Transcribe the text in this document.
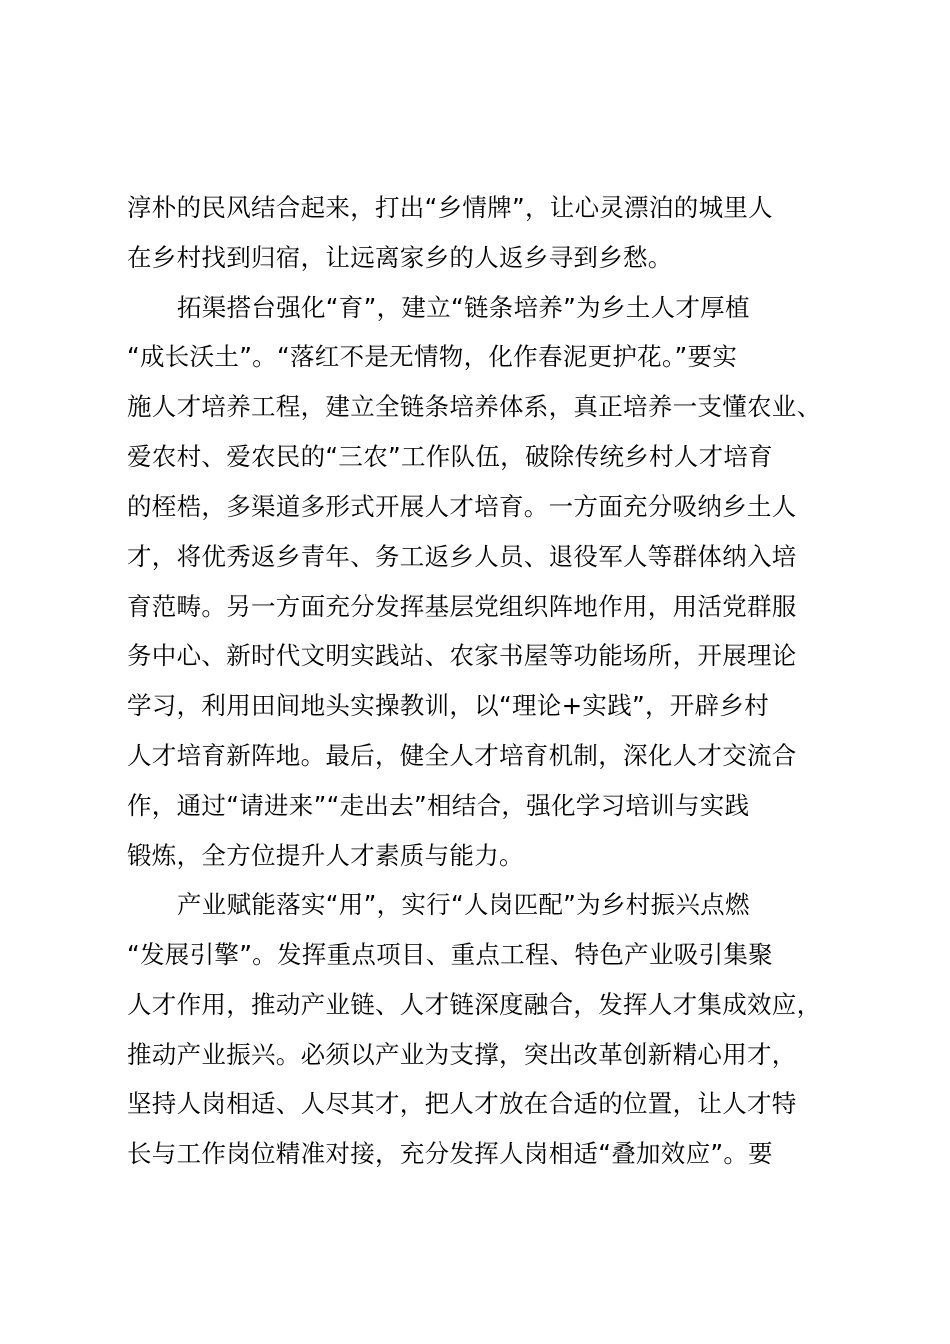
淳朴的民风结合起来，打出“乡情牌”，让心灵漂泊的城里人
在乡村找到归宿，让远离家乡的人返乡寻到乡愁。
拓渠搭台强化“育”，建立“链条培养”为乡土人才厚植
“成长沃土”。“落红不是无情物，化作春泥更护花。”要实
施人才培养工程，建立全链条培养体系，真正培养一支懂农业、
爱农村、爱农民的“三农”工作队伍，破除传统乡村人才培育
的桎梏，多渠道多形式开展人才培育。一方面充分吸纳乡土人
才，将优秀返乡青年、务工返乡人员、退役军人等群体纳入培
育范畴。另一方面充分发挥基层党组织阵地作用，用活党群服
务中心、新时代文明实践站、农家书屋等功能场所，开展理论
学习，利用田间地头实操教训，以“理论+实践”，开辟乡村
人才培育新阵地。最后，健全人才培育机制，深化人才交流合
作，通过“请进来”“走出去”相结合，强化学习培训与实践
锻炼，全方位提升人才素质与能力。
产业赋能落实“用”，实行“人岗匹配”为乡村振兴点燃
“发展引擎”。发挥重点项目、重点工程、特色产业吸引集聚
人才作用，推动产业链、人才链深度融合，发挥人才集成效应，
推动产业振兴。必须以产业为支撑，突出改革创新精心用才，
坚持人岗相适、人尽其才，把人才放在合适的位置，让人才特
长与工作岗位精准对接，充分发挥人岗相适“叠加效应”。要
